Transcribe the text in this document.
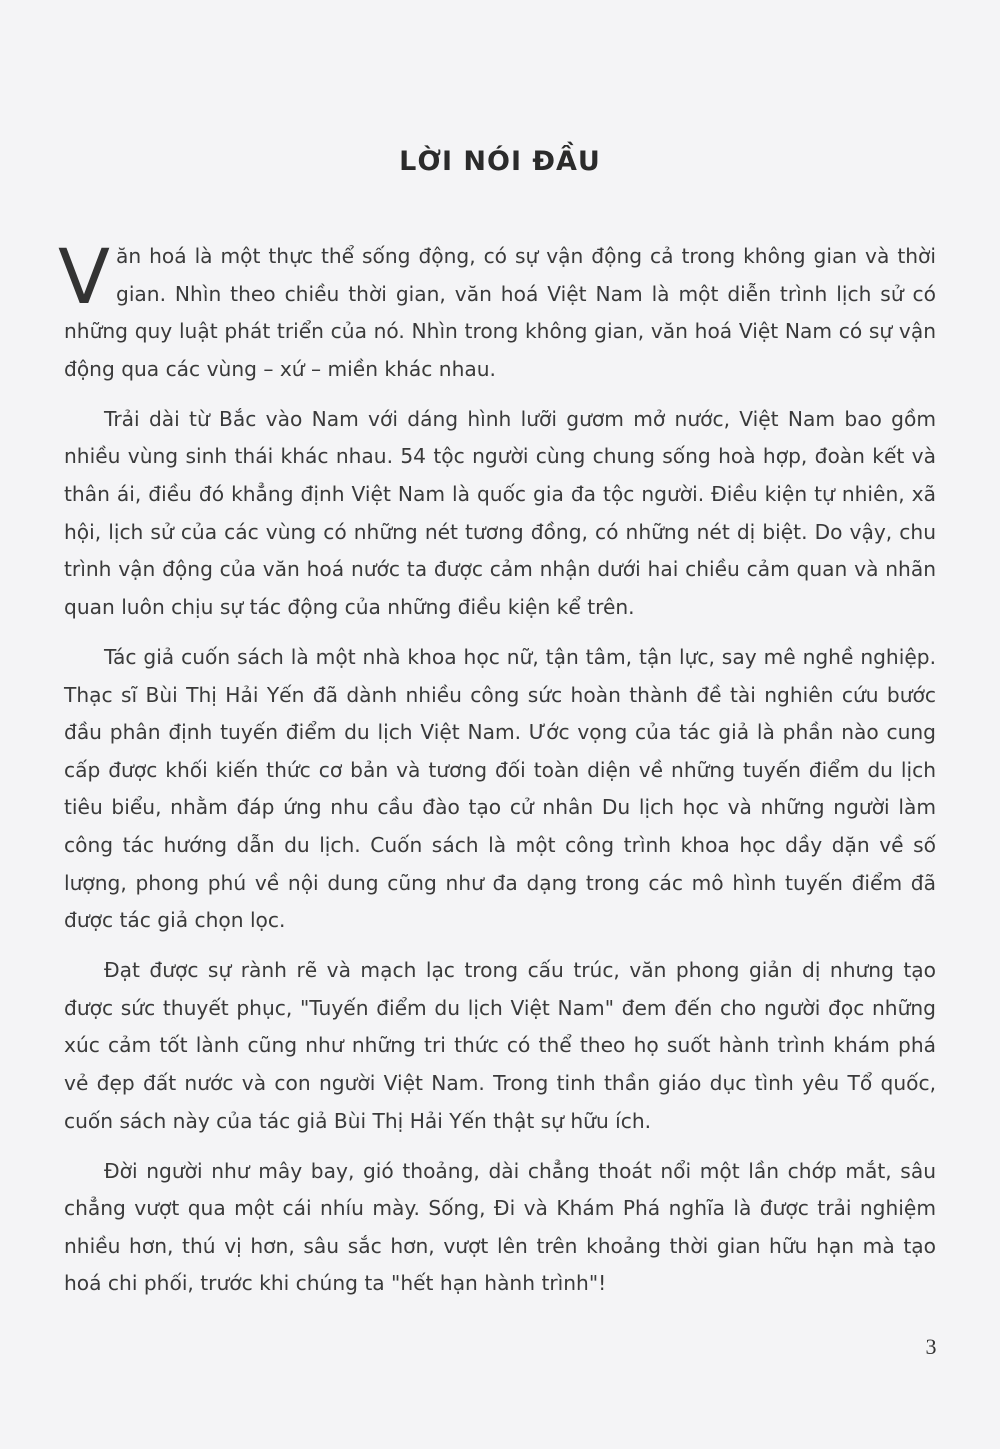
LỜI NÓI ĐẦU

Văn hoá là một thực thể sống động, có sự vận động cả trong không gian và thời gian. Nhìn theo chiều thời gian, văn hoá Việt Nam là một diễn trình lịch sử có những quy luật phát triển của nó. Nhìn trong không gian, văn hoá Việt Nam có sự vận động qua các vùng – xứ – miền khác nhau.

Trải dài từ Bắc vào Nam với dáng hình lưỡi gươm mở nước, Việt Nam bao gồm nhiều vùng sinh thái khác nhau. 54 tộc người cùng chung sống hoà hợp, đoàn kết và thân ái, điều đó khẳng định Việt Nam là quốc gia đa tộc người. Điều kiện tự nhiên, xã hội, lịch sử của các vùng có những nét tương đồng, có những nét dị biệt. Do vậy, chu trình vận động của văn hoá nước ta được cảm nhận dưới hai chiều cảm quan và nhãn quan luôn chịu sự tác động của những điều kiện kể trên.

Tác giả cuốn sách là một nhà khoa học nữ, tận tâm, tận lực, say mê nghề nghiệp. Thạc sĩ Bùi Thị Hải Yến đã dành nhiều công sức hoàn thành đề tài nghiên cứu bước đầu phân định tuyến điểm du lịch Việt Nam. Ước vọng của tác giả là phần nào cung cấp được khối kiến thức cơ bản và tương đối toàn diện về những tuyến điểm du lịch tiêu biểu, nhằm đáp ứng nhu cầu đào tạo cử nhân Du lịch học và những người làm công tác hướng dẫn du lịch. Cuốn sách là một công trình khoa học dầy dặn về số lượng, phong phú về nội dung cũng như đa dạng trong các mô hình tuyến điểm đã được tác giả chọn lọc.

Đạt được sự rành rẽ và mạch lạc trong cấu trúc, văn phong giản dị nhưng tạo được sức thuyết phục, "Tuyến điểm du lịch Việt Nam" đem đến cho người đọc những xúc cảm tốt lành cũng như những tri thức có thể theo họ suốt hành trình khám phá vẻ đẹp đất nước và con người Việt Nam. Trong tinh thần giáo dục tình yêu Tổ quốc, cuốn sách này của tác giả Bùi Thị Hải Yến thật sự hữu ích.

Đời người như mây bay, gió thoảng, dài chẳng thoát nổi một lần chớp mắt, sâu chẳng vượt qua một cái nhíu mày. Sống, Đi và Khám Phá nghĩa là được trải nghiệm nhiều hơn, thú vị hơn, sâu sắc hơn, vượt lên trên khoảng thời gian hữu hạn mà tạo hoá chi phối, trước khi chúng ta "hết hạn hành trình"!

3
